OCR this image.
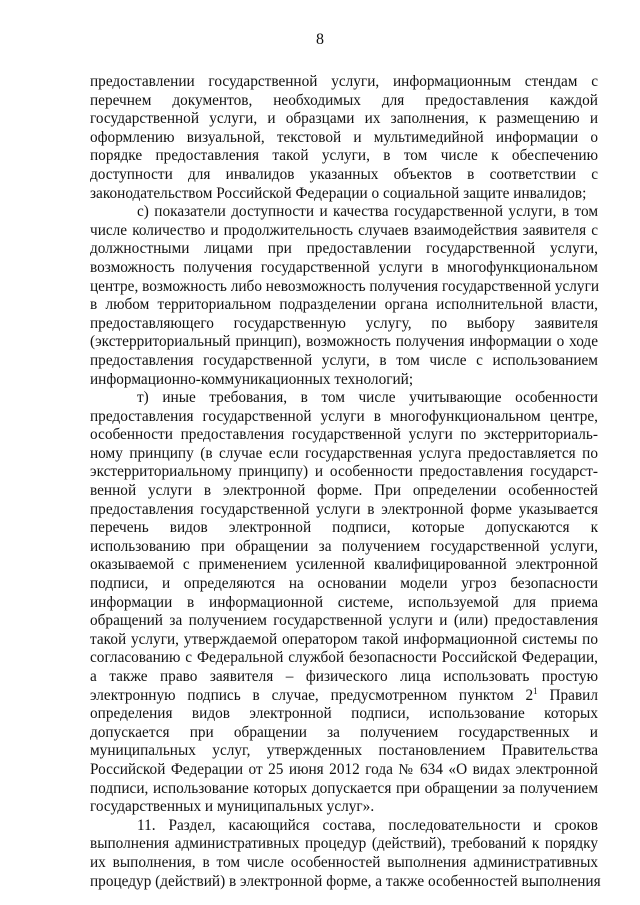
8
предоставлении государственной услуги, информационным стендам с
перечнем документов, необходимых для предоставления каждой
государственной услуги, и образцами их заполнения, к размещению и
оформлению визуальной, текстовой и мультимедийной информации о
порядке предоставления такой услуги, в том числе к обеспечению
доступности для инвалидов указанных объектов в соответствии с
законодательством Российской Федерации о социальной защите инвалидов;
с) показатели доступности и качества государственной услуги, в том
числе количество и продолжительность случаев взаимодействия заявителя с
должностными лицами при предоставлении государственной услуги,
возможность получения государственной услуги в многофункциональном
центре, возможность либо невозможность получения государственной услуги
в любом территориальном подразделении органа исполнительной власти,
предоставляющего государственную услугу, по выбору заявителя
(экстерриториальный принцип), возможность получения информации о ходе
предоставления государственной услуги, в том числе с использованием
информационно-коммуникационных технологий;
т) иные требования, в том числе учитывающие особенности
предоставления государственной услуги в многофункциональном центре,
особенности предоставления государственной услуги по экстерриториаль-
ному принципу (в случае если государственная услуга предоставляется по
экстерриториальному принципу) и особенности предоставления государст-
венной услуги в электронной форме. При определении особенностей
предоставления государственной услуги в электронной форме указывается
перечень видов электронной подписи, которые допускаются к
использованию при обращении за получением государственной услуги,
оказываемой с применением усиленной квалифицированной электронной
подписи, и определяются на основании модели угроз безопасности
информации в информационной системе, используемой для приема
обращений за получением государственной услуги и (или) предоставления
такой услуги, утверждаемой оператором такой информационной системы по
согласованию с Федеральной службой безопасности Российской Федерации,
а также право заявителя – физического лица использовать простую
электронную подпись в случае, предусмотренном пунктом $2^1$ Правил
определения видов электронной подписи, использование которых
допускается при обращении за получением государственных и
муниципальных услуг, утвержденных постановлением Правительства
Российской Федерации от 25 июня 2012 года № 634 «О видах электронной
подписи, использование которых допускается при обращении за получением
государственных и муниципальных услуг».
11. Раздел, касающийся состава, последовательности и сроков
выполнения административных процедур (действий), требований к порядку
их выполнения, в том числе особенностей выполнения административных
процедур (действий) в электронной форме, а также особенностей выполнения
